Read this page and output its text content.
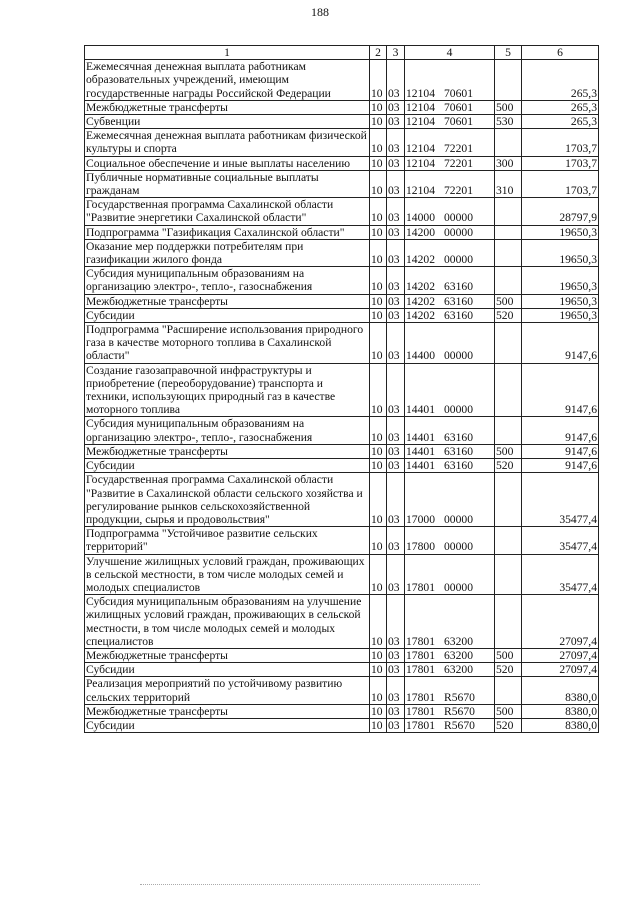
188
1	2	3	4	5	6
Ежемесячная денежная выплата работникам образовательных учреждений, имеющим государственные награды Российской Федерации	10	03	12104 70601		265,3
Межбюджетные трансферты	10	03	12104 70601	500	265,3
Субвенции	10	03	12104 70601	530	265,3
Ежемесячная денежная выплата работникам физической культуры и спорта	10	03	12104 72201		1703,7
Социальное обеспечение и иные выплаты населению	10	03	12104 72201	300	1703,7
Публичные нормативные социальные выплаты гражданам	10	03	12104 72201	310	1703,7
Государственная программа Сахалинской области "Развитие энергетики Сахалинской области"	10	03	14000 00000		28797,9
Подпрограмма "Газификация Сахалинской области"	10	03	14200 00000		19650,3
Оказание мер поддержки потребителям при газификации жилого фонда	10	03	14202 00000		19650,3
Субсидия муниципальным образованиям на организацию электро-, тепло-, газоснабжения	10	03	14202 63160		19650,3
Межбюджетные трансферты	10	03	14202 63160	500	19650,3
Субсидии	10	03	14202 63160	520	19650,3
Подпрограмма "Расширение использования природного газа в качестве моторного топлива в Сахалинской области"	10	03	14400 00000		9147,6
Создание газозаправочной инфраструктуры и приобретение (переоборудование) транспорта и техники, использующих природный газ в качестве моторного топлива	10	03	14401 00000		9147,6
Субсидия муниципальным образованиям на организацию электро-, тепло-, газоснабжения	10	03	14401 63160		9147,6
Межбюджетные трансферты	10	03	14401 63160	500	9147,6
Субсидии	10	03	14401 63160	520	9147,6
Государственная программа Сахалинской области "Развитие в Сахалинской области сельского хозяйства и регулирование рынков сельскохозяйственной продукции, сырья и продовольствия"	10	03	17000 00000		35477,4
Подпрограмма "Устойчивое развитие сельских территорий"	10	03	17800 00000		35477,4
Улучшение жилищных условий граждан, проживающих в сельской местности, в том числе молодых семей и молодых специалистов	10	03	17801 00000		35477,4
Субсидия муниципальным образованиям на улучшение жилищных условий граждан, проживающих в сельской местности, в том числе молодых семей и молодых специалистов	10	03	17801 63200		27097,4
Межбюджетные трансферты	10	03	17801 63200	500	27097,4
Субсидии	10	03	17801 63200	520	27097,4
Реализация мероприятий по устойчивому развитию сельских территорий	10	03	17801 R5670		8380,0
Межбюджетные трансферты	10	03	17801 R5670	500	8380,0
Субсидии	10	03	17801 R5670	520	8380,0
